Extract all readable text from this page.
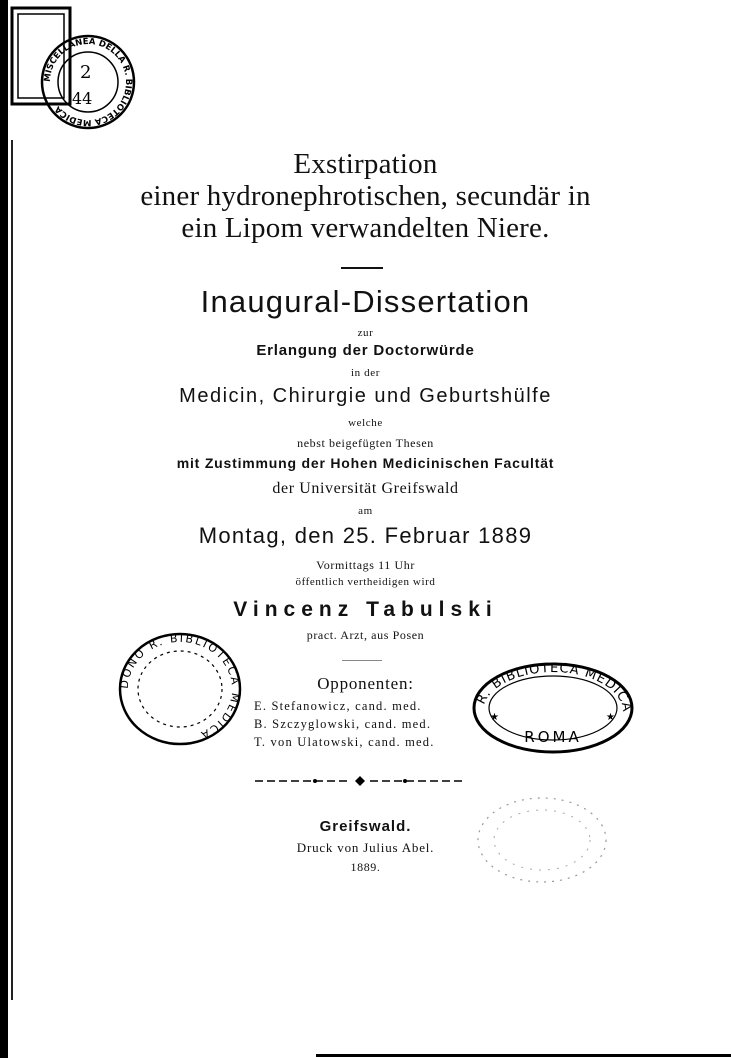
MISCELLANEA DELLA R. BIBLIOTECA MEDICA
2
44
Exstirpation
einer hydronephrotischen, secundär in
ein Lipom verwandelten Niere.
Inaugural-Dissertation
zur
Erlangung der Doctorwürde
in der
Medicin, Chirurgie und Geburtshülfe
welche
nebst beigefügten Thesen
mit Zustimmung der Hohen Medicinischen Facultät
der Universität Greifswald
am
Montag, den 25. Februar 1889
Vormittags 11 Uhr
öffentlich vertheidigen wird
Vincenz Tabulski
pract. Arzt, aus Posen
Opponenten:
E. Stefanowicz, cand. med.
B. Szczyglowski, cand. med.
T. von Ulatowski, cand. med.
DONO R. BIBLIOTECA MEDICA
R. BIBLIOTECA MEDICA
ROMA
★	★
Greifswald.
Druck von Julius Abel.
1889.
